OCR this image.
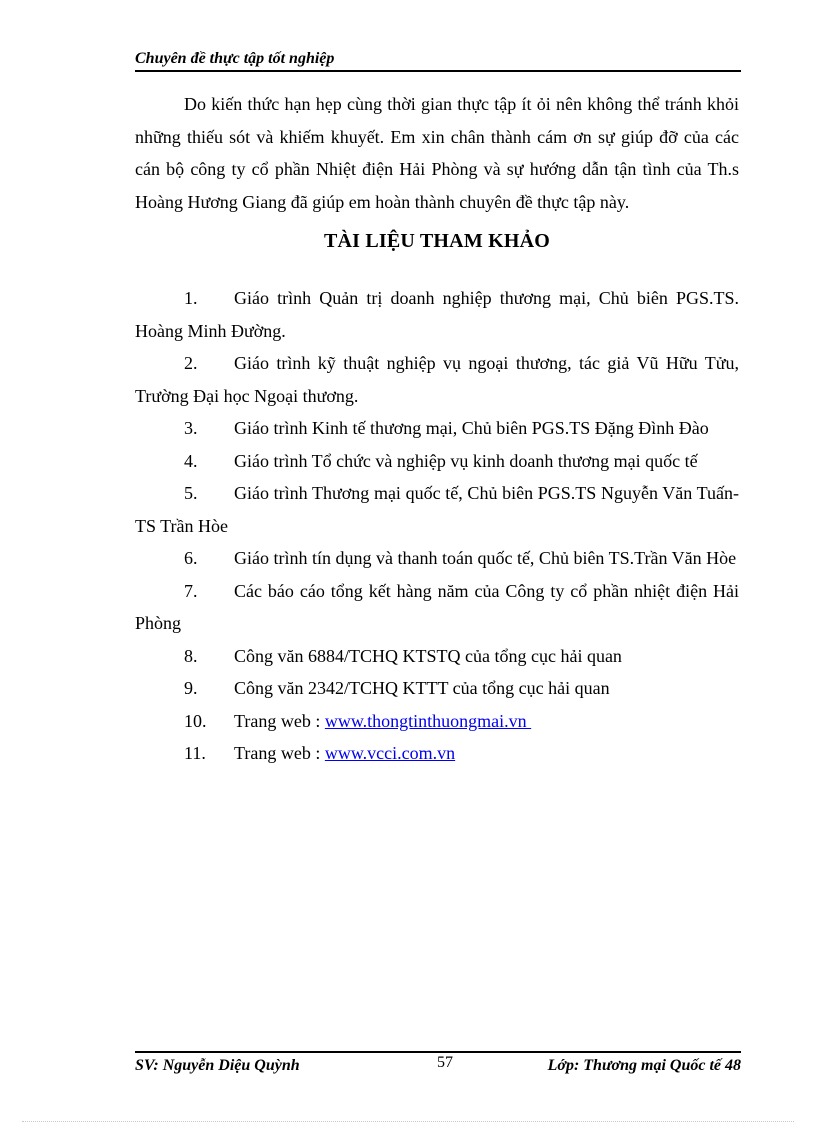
Chuyên đề thực tập tốt nghiệp

Do kiến thức hạn hẹp cùng thời gian thực tập ít ỏi nên không thể tránh khỏi những thiếu sót và khiếm khuyết. Em xin chân thành cám ơn sự giúp đỡ của các cán bộ công ty cổ phần Nhiệt điện Hải Phòng và sự hướng dẫn tận tình của Th.s Hoàng Hương Giang đã giúp em hoàn thành chuyên đề thực tập này.

TÀI LIỆU THAM KHẢO
1. Giáo trình Quản trị doanh nghiệp thương mại, Chủ biên PGS.TS. Hoàng Minh Đường.
2. Giáo trình kỹ thuật nghiệp vụ ngoại thương, tác giả Vũ Hữu Tửu, Trường Đại học Ngoại thương.
3. Giáo trình Kinh tế thương mại, Chủ biên PGS.TS Đặng Đình Đào
4. Giáo trình Tổ chức và nghiệp vụ kinh doanh thương mại quốc tế
5. Giáo trình Thương mại quốc tế, Chủ biên PGS.TS Nguyễn Văn Tuấn- TS Trần Hòe
6. Giáo trình tín dụng và thanh toán quốc tế, Chủ biên TS.Trần Văn Hòe
7. Các báo cáo tổng kết hàng năm của Công ty cổ phần nhiệt điện Hải Phòng
8. Công văn 6884/TCHQ KTSTQ của tổng cục hải quan
9. Công văn 2342/TCHQ KTTT của tổng cục hải quan
10. Trang web : www.thongtinthuongmai.vn
11. Trang web : www.vcci.com.vn
SV: Nguyễn Diệu Quỳnh	57	Lớp: Thương mại Quốc tế 48
